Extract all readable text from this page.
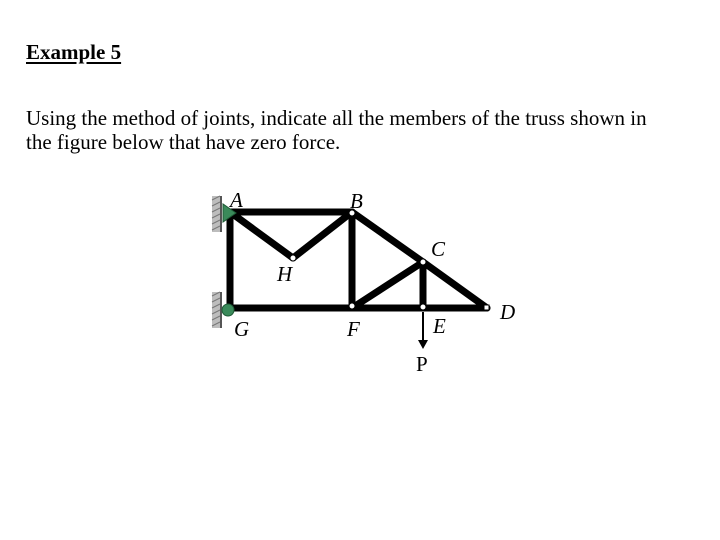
Example 5

Using the method of joints, indicate all the members of the truss shown in the figure below that have zero force.

A	B
C
D
E
F
G
H
P
